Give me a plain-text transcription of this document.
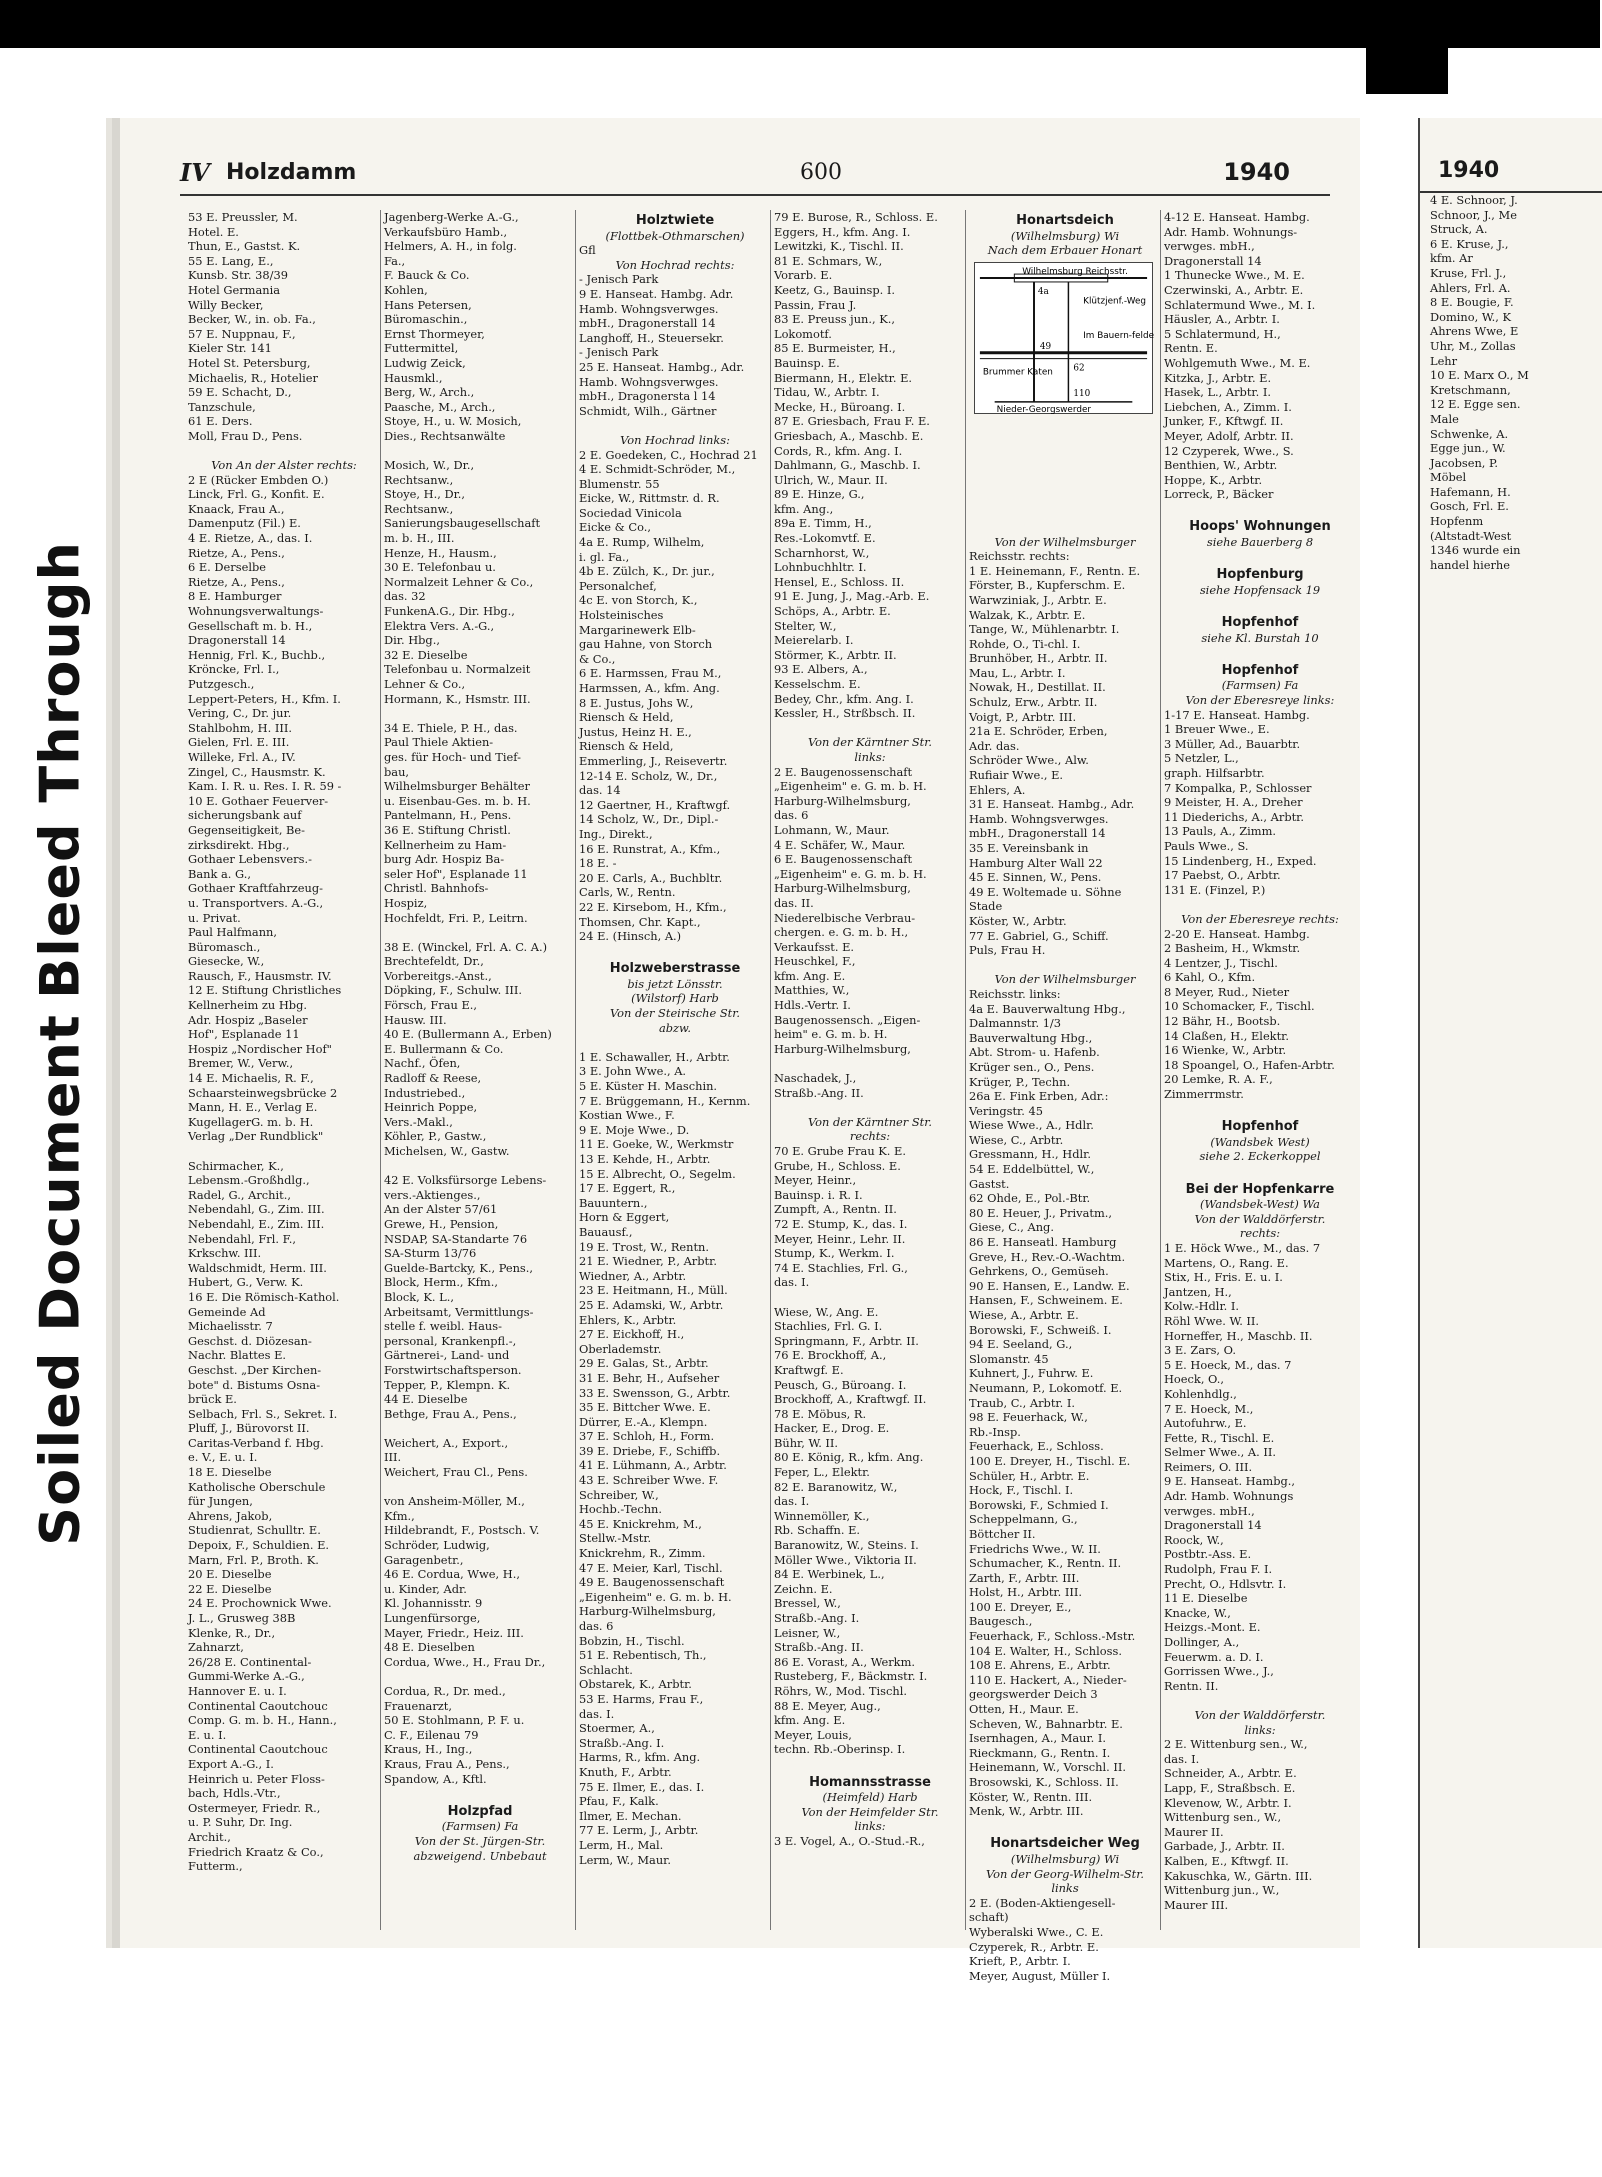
Soiled Document
Bleed Through
IV Holzdamm	600	1940
53 E. Preussler, M.
Hotel. E.
Thun, E., Gastst. K.
55 E. Lang, E.,
Kunsb. Str. 38/39
Hotel Germania
Willy Becker,
Becker, W., in. ob. Fa.,
57 E. Nuppnau, F.,
Kieler Str. 141
Hotel St. Petersburg,
Michaelis, R., Hotelier
59 E. Schacht, D.,
Tanzschule,
61 E. Ders.
Moll, Frau D., Pens.

Von An der Alster rechts:
2 E (Rücker Embden O.)
Linck, Frl. G., Konfit. E.
Knaack, Frau A.,
Damenputz (Fil.) E.
4 E. Rietze, A., das. I.
Rietze, A., Pens.,
6 E. Derselbe
Rietze, A., Pens.,
8 E. Hamburger
Wohnungsverwaltungs-
Gesellschaft m. b. H.,
Dragonerstall 14
Hennig, Frl. K., Buchb.,
Kröncke, Frl. I.,
Putzgesch.,
Leppert-Peters, H., Kfm. I.
Vering, C., Dr. jur.
Stahlbohm, H. III.
Gielen, Frl. E. III.
Willeke, Frl. A., IV.
Zingel, C., Hausmstr. K.
Kam. I. R. u. Res. I. R. 59 -
10 E. Gothaer Feuerver-
sicherungsbank auf
Gegenseitigkeit, Be-
zirksdirekt. Hbg.,
Gothaer Lebensvers.-
Bank a. G.,
Gothaer Kraftfahrzeug-
u. Transportvers. A.-G.,
u. Privat.
Paul Halfmann,
Büromasch.,
Giesecke, W.,
Rausch, F., Hausmstr. IV.
12 E. Stiftung Christliches
Kellnerheim zu Hbg.
Adr. Hospiz „Baseler
Hof", Esplanade 11
Hospiz „Nordischer Hof"
Bremer, W., Verw.,
14 E. Michaelis, R. F.,
Schaarsteinwegsbrücke 2
Mann, H. E., Verlag E.
KugellagerG. m. b. H.
Verlag „Der Rundblick"

Schirmacher, K.,
Lebensm.-Großhdlg.,
Radel, G., Archit.,
Nebendahl, G., Zim. III.
Nebendahl, E., Zim. III.
Nebendahl, Frl. F.,
Krkschw. III.
Waldschmidt, Herm. III.
Hubert, G., Verw. K.
16 E. Die Römisch-Kathol.
Gemeinde Ad
Michaelisstr. 7
Geschst. d. Diözesan-
Nachr. Blattes E.
Geschst. „Der Kirchen-
bote" d. Bistums Osna-
brück E.
Selbach, Frl. S., Sekret. I.
Pluff, J., Bürovorst II.
Caritas-Verband f. Hbg.
e. V., E. u. I.
18 E. Dieselbe
Katholische Oberschule
für Jungen,
Ahrens, Jakob,
Studienrat, Schulltr. E.
Depoix, F., Schuldien. E.
Marn, Frl. P., Broth. K.
20 E. Dieselbe
22 E. Dieselbe
24 E. Prochownick Wwe.
J. L., Grusweg 38B
Klenke, R., Dr.,
Zahnarzt,
26/28 E. Continental-
Gummi-Werke A.-G.,
Hannover E. u. I.
Continental Caoutchouc
Comp. G. m. b. H., Hann.,
E. u. I.
Continental Caoutchouc
Export A.-G., I.
Heinrich u. Peter Floss-
bach, Hdls.-Vtr.,
Ostermeyer, Friedr. R.,
u. P. Suhr, Dr. Ing.
Archit.,
Friedrich Kraatz & Co.,
Futterm.,
Jagenberg-Werke A.-G.,
Verkaufsbüro Hamb.,
Helmers, A. H., in folg.
Fa.,
F. Bauck & Co.
Kohlen,
Hans Petersen,
Büromaschin.,
Ernst Thormeyer,
Futtermittel,
Ludwig Zeick,
Hausmkl.,
Berg, W., Arch.,
Paasche, M., Arch.,
Stoye, H., u. W. Mosich,
Dies., Rechtsanwälte

Mosich, W., Dr.,
Rechtsanw.,
Stoye, H., Dr.,
Rechtsanw.,
Sanierungsbaugesellschaft
m. b. H., III.
Henze, H., Hausm.,
30 E. Telefonbau u.
Normalzeit Lehner & Co.,
das. 32
FunkenA.G., Dir. Hbg.,
Elektra Vers. A.-G.,
Dir. Hbg.,
32 E. Dieselbe
Telefonbau u. Normalzeit
Lehner & Co.,
Hormann, K., Hsmstr. III.

34 E. Thiele, P. H., das.
Paul Thiele Aktien-
ges. für Hoch- und Tief-
bau,
Wilhelmsburger Behälter
u. Eisenbau-Ges. m. b. H.
Pantelmann, H., Pens.
36 E. Stiftung Christl.
Kellnerheim zu Ham-
burg Adr. Hospiz Ba-
seler Hof", Esplanade 11
Christl. Bahnhofs-
Hospiz,
Hochfeldt, Fri. P., Leitrn.

38 E. (Winckel, Frl. A. C. A.)
Brechtefeldt, Dr.,
Vorbereitgs.-Anst.,
Döpking, F., Schulw. III.
Försch, Frau E.,
Hausw. III.
40 E. (Bullermann A., Erben)
E. Bullermann & Co.
Nachf., Öfen,
Radloff & Reese,
Industriebed.,
Heinrich Poppe,
Vers.-Makl.,
Köhler, P., Gastw.,
Michelsen, W., Gastw.

42 E. Volksfürsorge Lebens-
vers.-Aktienges.,
An der Alster 57/61
Grewe, H., Pension,
NSDAP, SA-Standarte 76
SA-Sturm 13/76
Guelde-Bartcky, K., Pens.,
Block, Herm., Kfm.,
Block, K. L.,
Arbeitsamt, Vermittlungs-
stelle f. weibl. Haus-
personal, Krankenpfl.-,
Gärtnerei-, Land- und
Forstwirtschaftsperson.
Tepper, P., Klempn. K.
44 E. Dieselbe
Bethge, Frau A., Pens.,

Weichert, A., Export.,
III.
Weichert, Frau Cl., Pens.

von Ansheim-Möller, M.,
Kfm.,
Hildebrandt, F., Postsch. V.
Schröder, Ludwig,
Garagenbetr.,
46 E. Cordua, Wwe, H.,
u. Kinder, Adr.
Kl. Johannisstr. 9
Lungenfürsorge,
Mayer, Friedr., Heiz. III.
48 E. Dieselben
Cordua, Wwe., H., Frau Dr.,

Cordua, R., Dr. med.,
Frauenarzt,
50 E. Stohlmann, P. F. u.
C. F., Eilenau 79
Kraus, H., Ing.,
Kraus, Frau A., Pens.,
Spandow, A., Kftl.

Holzpfad
(Farmsen) Fa
Von der St. Jürgen-Str.
abzweigend. Unbebaut
Holztwiete
(Flottbek-Othmarschen)
Gfl
Von Hochrad rechts:
- Jenisch Park
9 E. Hanseat. Hambg. Adr.
Hamb. Wohngsverwges.
mbH., Dragonerstall 14
Langhoff, H., Steuersekr.
- Jenisch Park
25 E. Hanseat. Hambg., Adr.
Hamb. Wohngsverwges.
mbH., Dragonersta l 14
Schmidt, Wilh., Gärtner

Von Hochrad links:
2 E. Goedeken, C., Hochrad 21
4 E. Schmidt-Schröder, M.,
Blumenstr. 55
Eicke, W., Rittmstr. d. R.
Sociedad Vinicola
Eicke & Co.,
4a E. Rump, Wilhelm,
i. gl. Fa.,
4b E. Zülch, K., Dr. jur.,
Personalchef,
4c E. von Storch, K.,
Holsteinisches
Margarinewerk Elb-
gau Hahne, von Storch
& Co.,
6 E. Harmssen, Frau M.,
Harmssen, A., kfm. Ang.
8 E. Justus, Johs W.,
Riensch & Held,
Justus, Heinz H. E.,
Riensch & Held,
Emmerling, J., Reisevertr.
12-14 E. Scholz, W., Dr.,
das. 14
12 Gaertner, H., Kraftwgf.
14 Scholz, W., Dr., Dipl.-
Ing., Direkt.,
16 E. Runstrat, A., Kfm.,
18 E. -
20 E. Carls, A., Buchbltr.
Carls, W., Rentn.
22 E. Kirsebom, H., Kfm.,
Thomsen, Chr. Kapt.,
24 E. (Hinsch, A.)

Holzweberstrasse
bis jetzt Lönsstr.
(Wilstorf) Harb
Von der Steirische Str.
abzw.

1 E. Schawaller, H., Arbtr.
3 E. John Wwe., A.
5 E. Küster H. Maschin.
7 E. Brüggemann, H., Kernm.
Kostian Wwe., F.
9 E. Moje Wwe., D.
11 E. Goeke, W., Werkmstr
13 E. Kehde, H., Arbtr.
15 E. Albrecht, O., Segelm.
17 E. Eggert, R.,
Bauuntern.,
Horn & Eggert,
Bauausf.,
19 E. Trost, W., Rentn.
21 E. Wiedner, P., Arbtr.
Wiedner, A., Arbtr.
23 E. Heitmann, H., Müll.
25 E. Adamski, W., Arbtr.
Ehlers, K., Arbtr.
27 E. Eickhoff, H.,
Oberlademstr.
29 E. Galas, St., Arbtr.
31 E. Behr, H., Aufseher
33 E. Swensson, G., Arbtr.
35 E. Bittcher Wwe. E.
Dürrer, E.-A., Klempn.
37 E. Schloh, H., Form.
39 E. Driebe, F., Schiffb.
41 E. Lühmann, A., Arbtr.
43 E. Schreiber Wwe. F.
Schreiber, W.,
Hochb.-Techn.
45 E. Knickrehm, M.,
Stellw.-Mstr.
Knickrehm, R., Zimm.
47 E. Meier, Karl, Tischl.
49 E. Baugenossenschaft
„Eigenheim" e. G. m. b. H.
Harburg-Wilhelmsburg,
das. 6
Bobzin, H., Tischl.
51 E. Rebentisch, Th.,
Schlacht.
Obstarek, K., Arbtr.
53 E. Harms, Frau F.,
das. I.
Stoermer, A.,
Straßb.-Ang. I.
Harms, R., kfm. Ang.
Knuth, F., Arbtr.
75 E. Ilmer, E., das. I.
Pfau, F., Kalk.
Ilmer, E. Mechan.
77 E. Lerm, J., Arbtr.
Lerm, H., Mal.
Lerm, W., Maur.
79 E. Burose, R., Schloss. E.
Eggers, H., kfm. Ang. I.
Lewitzki, K., Tischl. II.
81 E. Schmars, W.,
Vorarb. E.
Keetz, G., Bauinsp. I.
Passin, Frau J.
83 E. Preuss jun., K.,
Lokomotf.
85 E. Burmeister, H.,
Bauinsp. E.
Biermann, H., Elektr. E.
Tidau, W., Arbtr. I.
Mecke, H., Büroang. I.
87 E. Griesbach, Frau F. E.
Griesbach, A., Maschb. E.
Cords, R., kfm. Ang. I.
Dahlmann, G., Maschb. I.
Ulrich, W., Maur. II.
89 E. Hinze, G.,
kfm. Ang.,
89a E. Timm, H.,
Res.-Lokomvtf. E.
Scharnhorst, W.,
Lohnbuchhltr. I.
Hensel, E., Schloss. II.
91 E. Jung, J., Mag.-Arb. E.
Schöps, A., Arbtr. E.
Stelter, W.,
Meierelarb. I.
Störmer, K., Arbtr. II.
93 E. Albers, A.,
Kesselschm. E.
Bedey, Chr., kfm. Ang. I.
Kessler, H., Strßbsch. II.

Von der Kärntner Str.
links:
2 E. Baugenossenschaft
„Eigenheim" e. G. m. b. H.
Harburg-Wilhelmsburg,
das. 6
Lohmann, W., Maur.
4 E. Schäfer, W., Maur.
6 E. Baugenossenschaft
„Eigenheim" e. G. m. b. H.
Harburg-Wilhelmsburg,
das. II.
Niederelbische Verbrau-
chergen. e. G. m. b. H.,
Verkaufsst. E.
Heuschkel, F.,
kfm. Ang. E.
Matthies, W.,
Hdls.-Vertr. I.
Baugenossensch. „Eigen-
heim" e. G. m. b. H.
Harburg-Wilhelmsburg,

Naschadek, J.,
Straßb.-Ang. II.

Von der Kärntner Str.
rechts:
70 E. Grube Frau K. E.
Grube, H., Schloss. E.
Meyer, Heinr.,
Bauinsp. i. R. I.
Zumpft, A., Rentn. II.
72 E. Stump, K., das. I.
Meyer, Heinr., Lehr. II.
Stump, K., Werkm. I.
74 E. Stachlies, Frl. G.,
das. I.

Wiese, W., Ang. E.
Stachlies, Frl. G. I.
Springmann, F., Arbtr. II.
76 E. Brockhoff, A.,
Kraftwgf. E.
Peusch, G., Büroang. I.
Brockhoff, A., Kraftwgf. II.
78 E. Möbus, R.
Hacker, E., Drog. E.
Bühr, W. II.
80 E. König, R., kfm. Ang.
Feper, L., Elektr.
82 E. Baranowitz, W.,
das. I.
Winnemöller, K.,
Rb. Schaffn. E.
Baranowitz, W., Steins. I.
Möller Wwe., Viktoria II.
84 E. Werbinek, L.,
Zeichn. E.
Bressel, W.,
Straßb.-Ang. I.
Leisner, W.,
Straßb.-Ang. II.
86 E. Vorast, A., Werkm.
Rusteberg, F., Bäckmstr. I.
Röhrs, W., Mod. Tischl.
88 E. Meyer, Aug.,
kfm. Ang. E.
Meyer, Louis,
techn. Rb.-Oberinsp. I.

Homannsstrasse
(Heimfeld) Harb
Von der Heimfelder Str.
links:
3 E. Vogel, A., O.-Stud.-R.,
Honartsdeich
(Wilhelmsburg) Wi
Nach dem Erbauer Honart
Wilhelmsburg Reichsstr.
Klützjenf.-Weg
Im Bauern-felde
Brummer Katen
Nieder-Georgswerder
49
62
110
4a

Von der Wilhelmsburger
Reichsstr. rechts:
1 E. Heinemann, F., Rentn. E.
Förster, B., Kupferschm. E.
Warwziniak, J., Arbtr. E.
Walzak, K., Arbtr. E.
Tange, W., Mühlenarbtr. I.
Rohde, O., Ti-chl. I.
Brunhöber, H., Arbtr. II.
Mau, L., Arbtr. I.
Nowak, H., Destillat. II.
Schulz, Erw., Arbtr. II.
Voigt, P., Arbtr. III.
21a E. Schröder, Erben,
Adr. das.
Schröder Wwe., Alw.
Rufiair Wwe., E.
Ehlers, A.
31 E. Hanseat. Hambg., Adr.
Hamb. Wohngsverwges.
mbH., Dragonerstall 14
35 E. Vereinsbank in
Hamburg Alter Wall 22
45 E. Sinnen, W., Pens.
49 E. Woltemade u. Söhne
Stade
Köster, W., Arbtr.
77 E. Gabriel, G., Schiff.
Puls, Frau H.

Von der Wilhelmsburger
Reichsstr. links:
4a E. Bauverwaltung Hbg.,
Dalmannstr. 1/3
Bauverwaltung Hbg.,
Abt. Strom- u. Hafenb.
Krüger sen., O., Pens.
Krüger, P., Techn.
26a E. Fink Erben, Adr.:
Veringstr. 45
Wiese Wwe., A., Hdlr.
Wiese, C., Arbtr.
Gressmann, H., Hdlr.
54 E. Eddelbüttel, W.,
Gastst.
62 Ohde, E., Pol.-Btr.
80 E. Heuer, J., Privatm.,
Giese, C., Ang.
86 E. Hanseatl. Hamburg
Greve, H., Rev.-O.-Wachtm.
Gehrkens, O., Gemüseh.
90 E. Hansen, E., Landw. E.
Hansen, F., Schweinem. E.
Wiese, A., Arbtr. E.
Borowski, F., Schweiß. I.
94 E. Seeland, G.,
Slomanstr. 45
Kuhnert, J., Fuhrw. E.
Neumann, P., Lokomotf. E.
Traub, C., Arbtr. I.
98 E. Feuerhack, W.,
Rb.-Insp.
Feuerhack, E., Schloss.
100 E. Dreyer, H., Tischl. E.
Schüler, H., Arbtr. E.
Hock, F., Tischl. I.
Borowski, F., Schmied I.
Scheppelmann, G.,
Böttcher II.
Friedrichs Wwe., W. II.
Schumacher, K., Rentn. II.
Zarth, F., Arbtr. III.
Holst, H., Arbtr. III.
100 E. Dreyer, E.,
Baugesch.,
Feuerhack, F., Schloss.-Mstr.
104 E. Walter, H., Schloss.
108 E. Ahrens, E., Arbtr.
110 E. Hackert, A., Nieder-
georgswerder Deich 3
Otten, H., Maur. E.
Scheven, W., Bahnarbtr. E.
Isernhagen, A., Maur. I.
Rieckmann, G., Rentn. I.
Heinemann, W., Vorschl. II.
Brosowski, K., Schloss. II.
Köster, W., Rentn. III.
Menk, W., Arbtr. III.

Honartsdeicher Weg
(Wilhelmsburg) Wi
Von der Georg-Wilhelm-Str.
links
2 E. (Boden-Aktiengesell-
schaft)
Wyberalski Wwe., C. E.
Czyperek, R., Arbtr. E.
Krieft, P., Arbtr. I.
Meyer, August, Müller I.
4-12 E. Hanseat. Hambg.
Adr. Hamb. Wohnungs-
verwges. mbH.,
Dragonerstall 14
1 Thunecke Wwe., M. E.
Czerwinski, A., Arbtr. E.
Schlatermund Wwe., M. I.
Häusler, A., Arbtr. I.
5 Schlatermund, H.,
Rentn. E.
Wohlgemuth Wwe., M. E.
Kitzka, J., Arbtr. E.
Hasek, L., Arbtr. I.
Liebchen, A., Zimm. I.
Junker, F., Kftwgf. II.
Meyer, Adolf, Arbtr. II.
12 Czyperek, Wwe., S.
Benthien, W., Arbtr.
Hoppe, K., Arbtr.
Lorreck, P., Bäcker

Hoops' Wohnungen
siehe Bauerberg 8

Hopfenburg
siehe Hopfensack 19

Hopfenhof
siehe Kl. Burstah 10

Hopfenhof
(Farmsen) Fa
Von der Eberesreye links:
1-17 E. Hanseat. Hambg.
1 Breuer Wwe., E.
3 Müller, Ad., Bauarbtr.
5 Netzler, L.,
graph. Hilfsarbtr.
7 Kompalka, P., Schlosser
9 Meister, H. A., Dreher
11 Diederichs, A., Arbtr.
13 Pauls, A., Zimm.
Pauls Wwe., S.
15 Lindenberg, H., Exped.
17 Paebst, O., Arbtr.
131 E. (Finzel, P.)

Von der Eberesreye rechts:
2-20 E. Hanseat. Hambg.
2 Basheim, H., Wkmstr.
4 Lentzer, J., Tischl.
6 Kahl, O., Kfm.
8 Meyer, Rud., Nieter
10 Schomacker, F., Tischl.
12 Bähr, H., Bootsb.
14 Claßen, H., Elektr.
16 Wienke, W., Arbtr.
18 Spoangel, O., Hafen-Arbtr.
20 Lemke, R. A. F.,
Zimmerrmstr.

Hopfenhof
(Wandsbek West)
siehe 2. Eckerkoppel

Bei der Hopfenkarre
(Wandsbek-West) Wa
Von der Walddörferstr.
rechts:
1 E. Höck Wwe., M., das. 7
Martens, O., Rang. E.
Stix, H., Fris. E. u. I.
Jantzen, H.,
Kolw.-Hdlr. I.
Röhl Wwe. W. II.
Horneffer, H., Maschb. II.
3 E. Zars, O.
5 E. Hoeck, M., das. 7
Hoeck, O.,
Kohlenhdlg.,
7 E. Hoeck, M.,
Autofuhrw., E.
Fette, R., Tischl. E.
Selmer Wwe., A. II.
Reimers, O. III.
9 E. Hanseat. Hambg.,
Adr. Hamb. Wohnungs
verwges. mbH.,
Dragonerstall 14
Roock, W.,
Postbtr.-Ass. E.
Rudolph, Frau F. I.
Precht, O., Hdlsvtr. I.
11 E. Dieselbe
Knacke, W.,
Heizgs.-Mont. E.
Dollinger, A.,
Feuerwm. a. D. I.
Gorrissen Wwe., J.,
Rentn. II.

Von der Walddörferstr.
links:
2 E. Wittenburg sen., W.,
das. I.
Schneider, A., Arbtr. E.
Lapp, F., Straßbsch. E.
Klevenow, W., Arbtr. I.
Wittenburg sen., W.,
Maurer II.
Garbade, J., Arbtr. II.
Kalben, E., Kftwgf. II.
Kakuschka, W., Gärtn. III.
Wittenburg jun., W.,
Maurer III.
1940
4 E. Schnoor, J.
Schnoor, J., Me
Struck, A.
6 E. Kruse, J.,
kfm. Ar
Kruse, Frl. J.,
Ahlers, Frl. A.
8 E. Bougie, F.
Domino, W., K
Ahrens Wwe, E
Uhr, M., Zollas
Lehr
10 E. Marx O., M
Kretschmann,
12 E. Egge sen.
Male
Schwenke, A.
Egge jun., W.
Jacobsen, P.
Möbel
Hafemann, H.
Gosch, Frl. E.
Hopfenm
(Altstadt-West
1346 wurde ein
handel hierhe
